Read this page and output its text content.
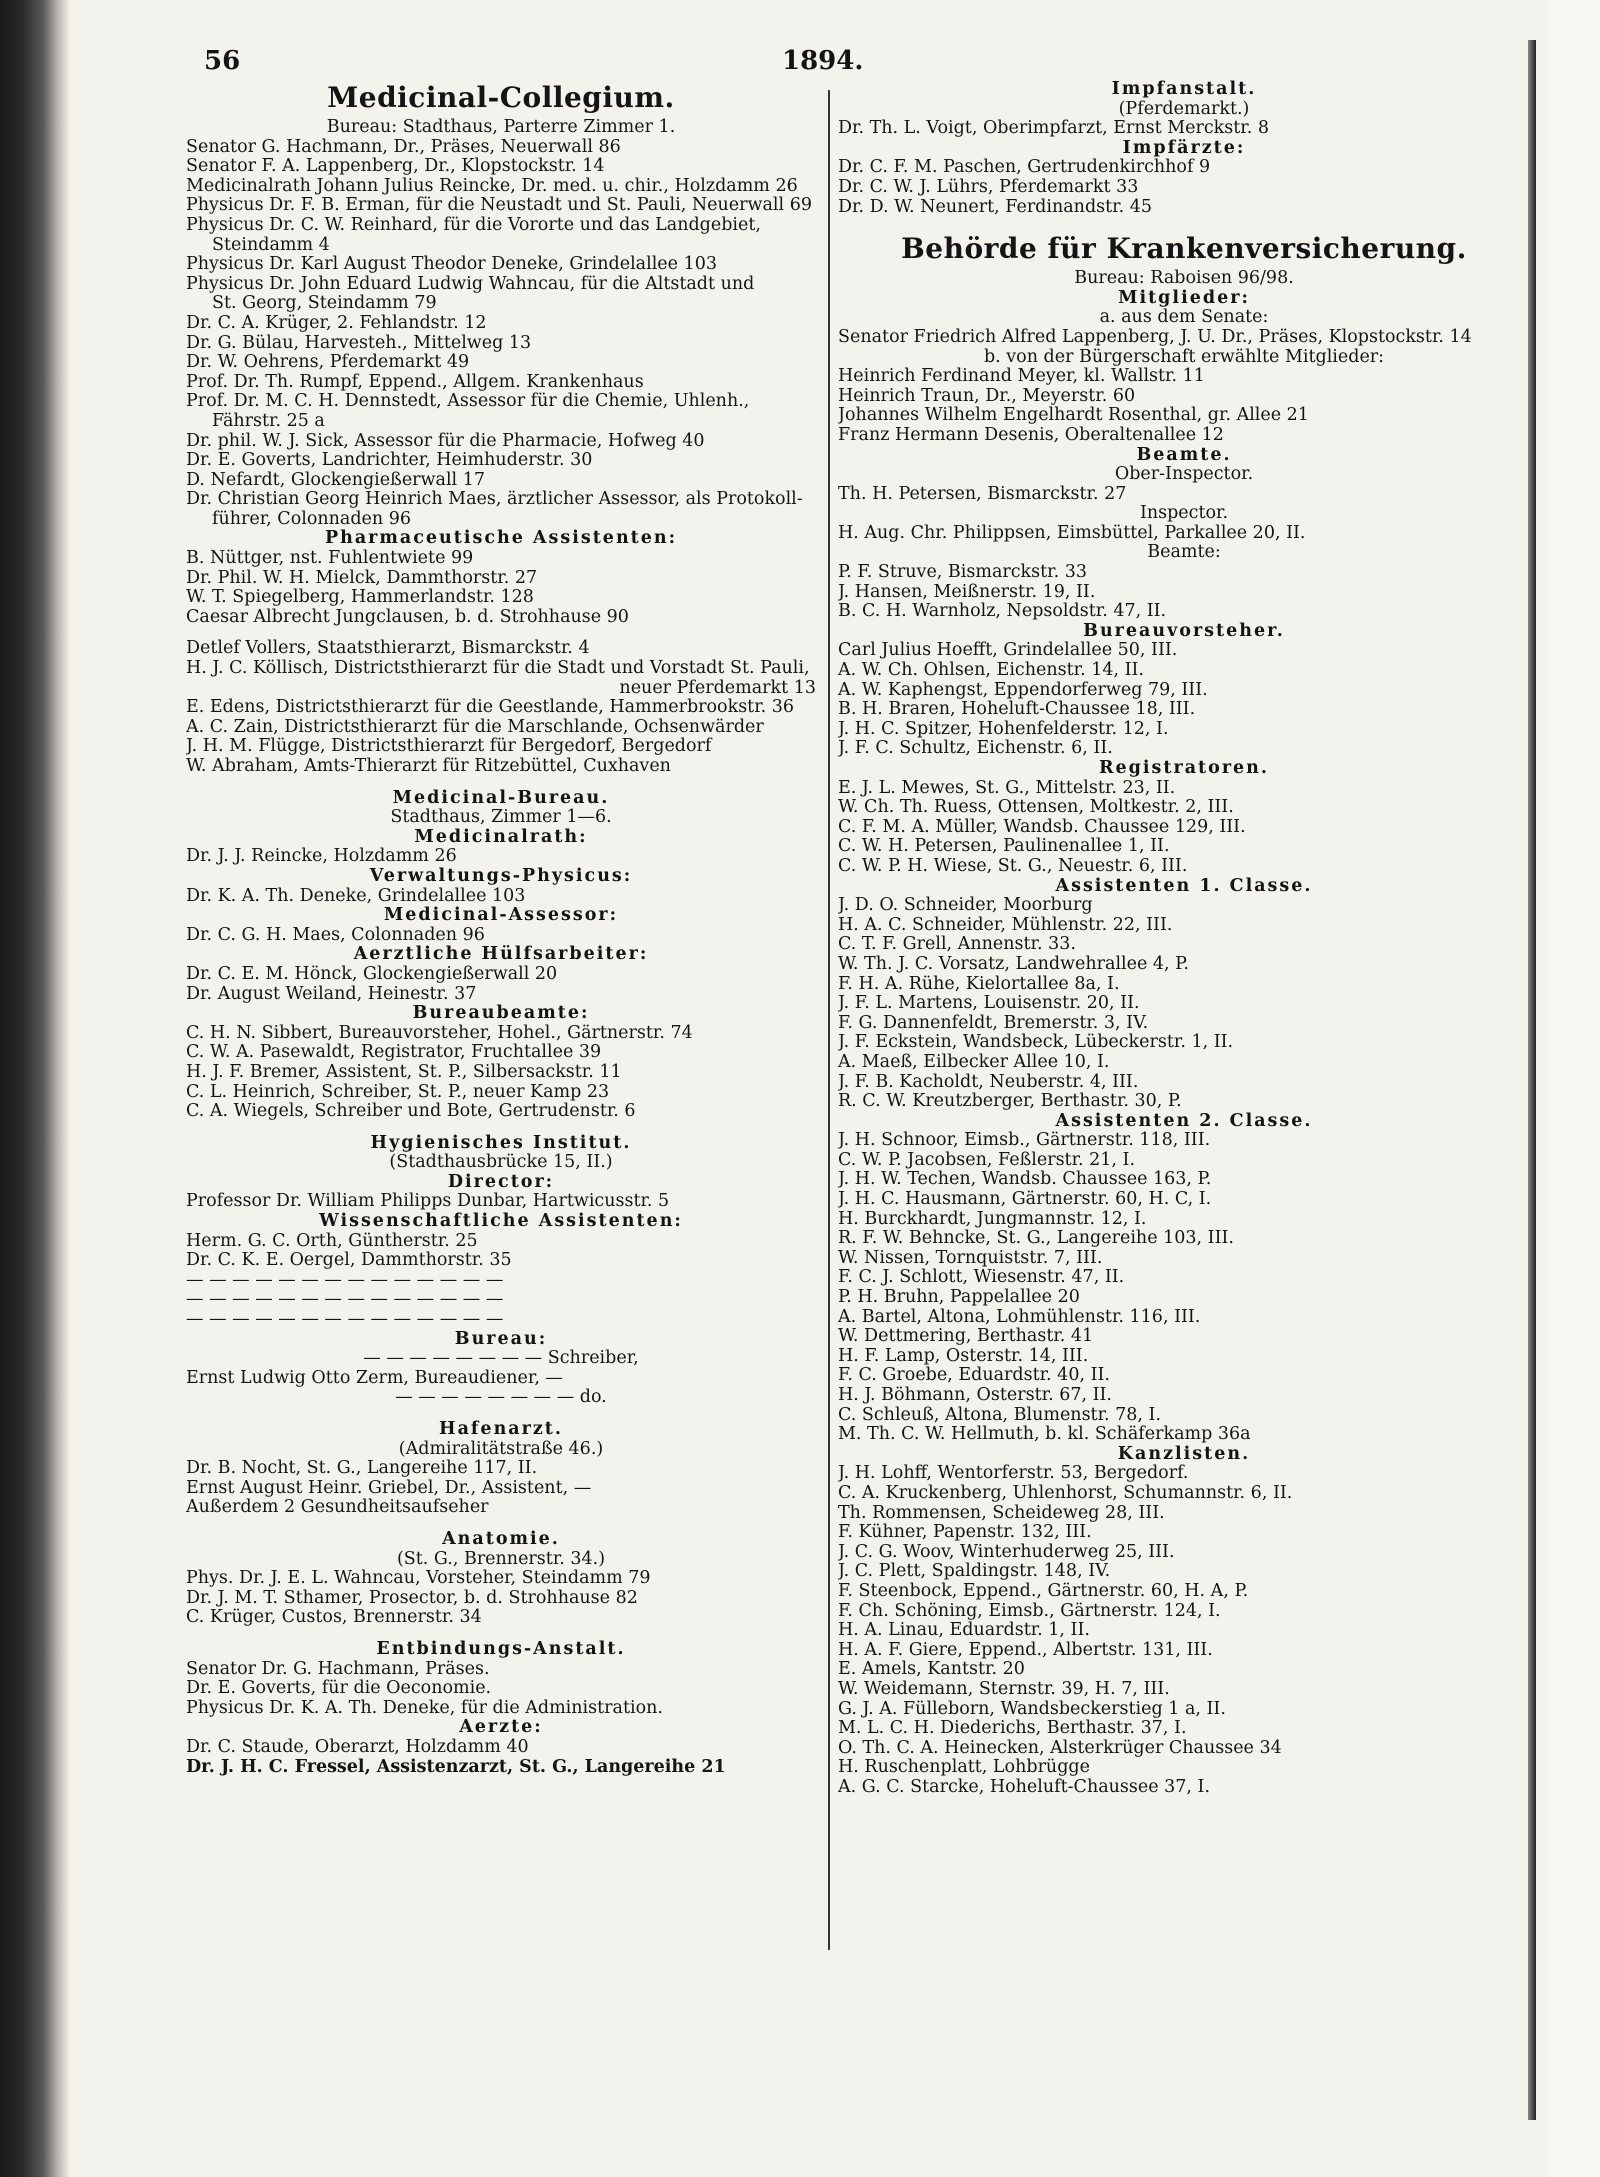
56	1894.
Medicinal-Collegium.
Bureau: Stadthaus, Parterre Zimmer 1.
Senator G. Hachmann, Dr., Präses, Neuerwall 86
Senator F. A. Lappenberg, Dr., Klopstockstr. 14
Medicinalrath Johann Julius Reincke, Dr. med. u. chir., Holzdamm 26
Physicus Dr. F. B. Erman, für die Neustadt und St. Pauli, Neuerwall 69
Physicus Dr. C. W. Reinhard, für die Vororte und das Landgebiet,
Steindamm 4
Physicus Dr. Karl August Theodor Deneke, Grindelallee 103
Physicus Dr. John Eduard Ludwig Wahncau, für die Altstadt und
St. Georg, Steindamm 79
Dr. C. A. Krüger, 2. Fehlandstr. 12
Dr. G. Bülau, Harvesteh., Mittelweg 13
Dr. W. Oehrens, Pferdemarkt 49
Prof. Dr. Th. Rumpf, Eppend., Allgem. Krankenhaus
Prof. Dr. M. C. H. Dennstedt, Assessor für die Chemie, Uhlenh.,
Fährstr. 25 a
Dr. phil. W. J. Sick, Assessor für die Pharmacie, Hofweg 40
Dr. E. Goverts, Landrichter, Heimhuderstr. 30
D. Nefardt, Glockengießerwall 17
Dr. Christian Georg Heinrich Maes, ärztlicher Assessor, als Protokoll-
führer, Colonnaden 96
Pharmaceutische Assistenten:
B. Nüttger, nst. Fuhlentwiete 99
Dr. Phil. W. H. Mielck, Dammthorstr. 27
W. T. Spiegelberg, Hammerlandstr. 128
Caesar Albrecht Jungclausen, b. d. Strohhause 90
Detlef Vollers, Staatsthierarzt, Bismarckstr. 4
H. J. C. Köllisch, Districtsthierarzt für die Stadt und Vorstadt St. Pauli,
neuer Pferdemarkt 13
E. Edens, Districtsthierarzt für die Geestlande, Hammerbrookstr. 36
A. C. Zain, Districtsthierarzt für die Marschlande, Ochsenwärder
J. H. M. Flügge, Districtsthierarzt für Bergedorf, Bergedorf
W. Abraham, Amts-Thierarzt für Ritzebüttel, Cuxhaven
Medicinal-Bureau.
Stadthaus, Zimmer 1—6.
Medicinalrath:
Dr. J. J. Reincke, Holzdamm 26
Verwaltungs-Physicus:
Dr. K. A. Th. Deneke, Grindelallee 103
Medicinal-Assessor:
Dr. C. G. H. Maes, Colonnaden 96
Aerztliche Hülfsarbeiter:
Dr. C. E. M. Hönck, Glockengießerwall 20
Dr. August Weiland, Heinestr. 37
Bureaubeamte:
C. H. N. Sibbert, Bureauvorsteher, Hohel., Gärtnerstr. 74
C. W. A. Pasewaldt, Registrator, Fruchtallee 39
H. J. F. Bremer, Assistent, St. P., Silbersackstr. 11
C. L. Heinrich, Schreiber, St. P., neuer Kamp 23
C. A. Wiegels, Schreiber und Bote, Gertrudenstr. 6
Hygienisches Institut.
(Stadthausbrücke 15, II.)
Director:
Professor Dr. William Philipps Dunbar, Hartwicusstr. 5
Wissenschaftliche Assistenten:
Herm. G. C. Orth, Güntherstr. 25
Dr. C. K. E. Oergel, Dammthorstr. 35
— — — — — — — — — — — — — —
— — — — — — — — — — — — — —
— — — — — — — — — — — — — —
Bureau:
— — — — — — — — Schreiber,
Ernst Ludwig Otto Zerm, Bureaudiener, —
— — — — — — — — do.
Hafenarzt.
(Admiralitätstraße 46.)
Dr. B. Nocht, St. G., Langereihe 117, II.
Ernst August Heinr. Griebel, Dr., Assistent, —
Außerdem 2 Gesundheitsaufseher
Anatomie.
(St. G., Brennerstr. 34.)
Phys. Dr. J. E. L. Wahncau, Vorsteher, Steindamm 79
Dr. J. M. T. Sthamer, Prosector, b. d. Strohhause 82
C. Krüger, Custos, Brennerstr. 34
Entbindungs-Anstalt.
Senator Dr. G. Hachmann, Präses.
Dr. E. Goverts, für die Oeconomie.
Physicus Dr. K. A. Th. Deneke, für die Administration.
Aerzte:
Dr. C. Staude, Oberarzt, Holzdamm 40
Dr. J. H. C. Fressel, Assistenzarzt, St. G., Langereihe 21
Impfanstalt.
(Pferdemarkt.)
Dr. Th. L. Voigt, Oberimpfarzt, Ernst Merckstr. 8
Impfärzte:
Dr. C. F. M. Paschen, Gertrudenkirchhof 9
Dr. C. W. J. Lührs, Pferdemarkt 33
Dr. D. W. Neunert, Ferdinandstr. 45
Behörde für Krankenversicherung.
Bureau: Raboisen 96/98.
Mitglieder:
a. aus dem Senate:
Senator Friedrich Alfred Lappenberg, J. U. Dr., Präses, Klopstockstr. 14
b. von der Bürgerschaft erwählte Mitglieder:
Heinrich Ferdinand Meyer, kl. Wallstr. 11
Heinrich Traun, Dr., Meyerstr. 60
Johannes Wilhelm Engelhardt Rosenthal, gr. Allee 21
Franz Hermann Desenis, Oberaltenallee 12
Beamte.
Ober-Inspector.
Th. H. Petersen, Bismarckstr. 27
Inspector.
H. Aug. Chr. Philippsen, Eimsbüttel, Parkallee 20, II.
Beamte:
P. F. Struve, Bismarckstr. 33
J. Hansen, Meißnerstr. 19, II.
B. C. H. Warnholz, Nepsoldstr. 47, II.
Bureauvorsteher.
Carl Julius Hoefft, Grindelallee 50, III.
A. W. Ch. Ohlsen, Eichenstr. 14, II.
A. W. Kaphengst, Eppendorferweg 79, III.
B. H. Braren, Hoheluft-Chaussee 18, III.
J. H. C. Spitzer, Hohenfelderstr. 12, I.
J. F. C. Schultz, Eichenstr. 6, II.
Registratoren.
E. J. L. Mewes, St. G., Mittelstr. 23, II.
W. Ch. Th. Ruess, Ottensen, Moltkestr. 2, III.
C. F. M. A. Müller, Wandsb. Chaussee 129, III.
C. W. H. Petersen, Paulinenallee 1, II.
C. W. P. H. Wiese, St. G., Neuestr. 6, III.
Assistenten 1. Classe.
J. D. O. Schneider, Moorburg
H. A. C. Schneider, Mühlenstr. 22, III.
C. T. F. Grell, Annenstr. 33.
W. Th. J. C. Vorsatz, Landwehrallee 4, P.
F. H. A. Rühe, Kielortallee 8a, I.
J. F. L. Martens, Louisenstr. 20, II.
F. G. Dannenfeldt, Bremerstr. 3, IV.
J. F. Eckstein, Wandsbeck, Lübeckerstr. 1, II.
A. Maeß, Eilbecker Allee 10, I.
J. F. B. Kacholdt, Neuberstr. 4, III.
R. C. W. Kreutzberger, Berthastr. 30, P.
Assistenten 2. Classe.
J. H. Schnoor, Eimsb., Gärtnerstr. 118, III.
C. W. P. Jacobsen, Feßlerstr. 21, I.
J. H. W. Techen, Wandsb. Chaussee 163, P.
J. H. C. Hausmann, Gärtnerstr. 60, H. C, I.
H. Burckhardt, Jungmannstr. 12, I.
R. F. W. Behncke, St. G., Langereihe 103, III.
W. Nissen, Tornquiststr. 7, III.
F. C. J. Schlott, Wiesenstr. 47, II.
P. H. Bruhn, Pappelallee 20
A. Bartel, Altona, Lohmühlenstr. 116, III.
W. Dettmering, Berthastr. 41
H. F. Lamp, Osterstr. 14, III.
F. C. Groebe, Eduardstr. 40, II.
H. J. Böhmann, Osterstr. 67, II.
C. Schleuß, Altona, Blumenstr. 78, I.
M. Th. C. W. Hellmuth, b. kl. Schäferkamp 36a
Kanzlisten.
J. H. Lohff, Wentorferstr. 53, Bergedorf.
C. A. Kruckenberg, Uhlenhorst, Schumannstr. 6, II.
Th. Rommensen, Scheideweg 28, III.
F. Kühner, Papenstr. 132, III.
J. C. G. Woov, Winterhuderweg 25, III.
J. C. Plett, Spaldingstr. 148, IV.
F. Steenbock, Eppend., Gärtnerstr. 60, H. A, P.
F. Ch. Schöning, Eimsb., Gärtnerstr. 124, I.
H. A. Linau, Eduardstr. 1, II.
H. A. F. Giere, Eppend., Albertstr. 131, III.
E. Amels, Kantstr. 20
W. Weidemann, Sternstr. 39, H. 7, III.
G. J. A. Fülleborn, Wandsbeckerstieg 1 a, II.
M. L. C. H. Diederichs, Berthastr. 37, I.
O. Th. C. A. Heinecken, Alsterkrüger Chaussee 34
H. Ruschenplatt, Lohbrügge
A. G. C. Starcke, Hoheluft-Chaussee 37, I.
